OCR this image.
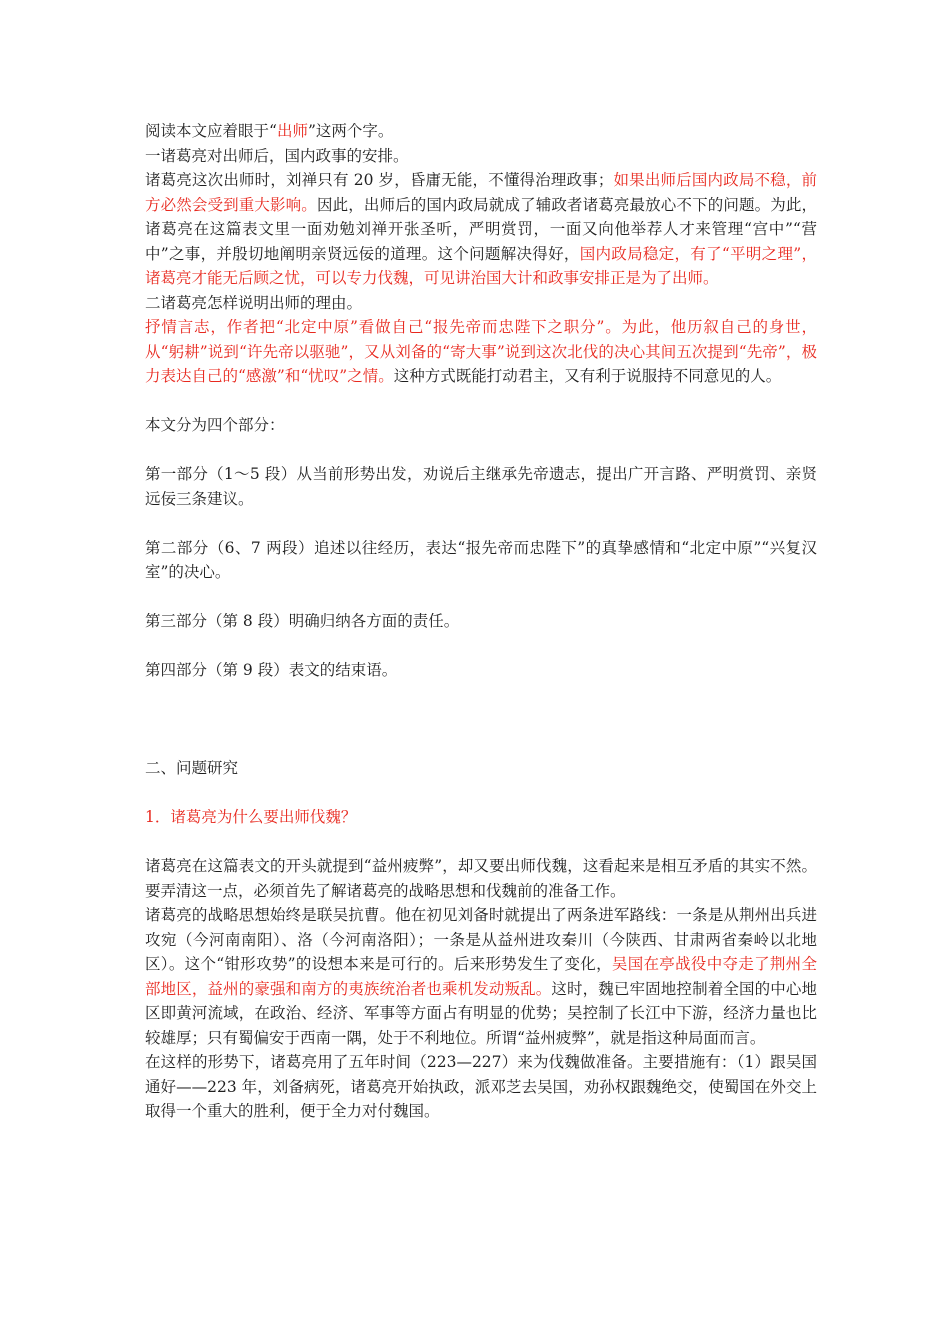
阅读本文应着眼于“出师”这两个字。

一诸葛亮对出师后，国内政事的安排。

诸葛亮这次出师时，刘禅只有 20 岁，昏庸无能，不懂得治理政事；如果出师后国内政局不稳，前方必然会受到重大影响。因此，出师后的国内政局就成了辅政者诸葛亮最放心不下的问题。为此，诸葛亮在这篇表文里一面劝勉刘禅开张圣听，严明赏罚，一面又向他举荐人才来管理“宫中”“营中”之事，并殷切地阐明亲贤远佞的道理。这个问题解决得好，国内政局稳定，有了“平明之理”，诸葛亮才能无后顾之忧，可以专力伐魏，可见讲治国大计和政事安排正是为了出师。

二诸葛亮怎样说明出师的理由。

抒情言志，作者把“北定中原”看做自己“报先帝而忠陛下之职分”。为此，他历叙自己的身世，从“躬耕”说到“许先帝以驱驰”，又从刘备的“寄大事”说到这次北伐的决心其间五次提到“先帝”，极力表达自己的“感激”和“忧叹”之情。这种方式既能打动君主，又有利于说服持不同意见的人。

本文分为四个部分：

第一部分（1～5 段）从当前形势出发，劝说后主继承先帝遗志，提出广开言路、严明赏罚、亲贤远佞三条建议。

第二部分（6、7 两段）追述以往经历，表达“报先帝而忠陛下”的真挚感情和“北定中原”“兴复汉室”的决心。

第三部分（第 8 段）明确归纳各方面的责任。

第四部分（第 9 段）表文的结束语。

二、问题研究

1．诸葛亮为什么要出师伐魏？

诸葛亮在这篇表文的开头就提到“益州疲弊”，却又要出师伐魏，这看起来是相互矛盾的其实不然。要弄清这一点，必须首先了解诸葛亮的战略思想和伐魏前的准备工作。

诸葛亮的战略思想始终是联吴抗曹。他在初见刘备时就提出了两条进军路线：一条是从荆州出兵进攻宛（今河南南阳）、洛（今河南洛阳）；一条是从益州进攻秦川（今陕西、甘肃两省秦岭以北地区）。这个“钳形攻势”的设想本来是可行的。后来形势发生了变化，吴国在亭战役中夺走了荆州全部地区，益州的豪强和南方的夷族统治者也乘机发动叛乱。这时，魏已牢固地控制着全国的中心地区即黄河流域，在政治、经济、军事等方面占有明显的优势；吴控制了长江中下游，经济力量也比较雄厚；只有蜀偏安于西南一隅，处于不利地位。所谓“益州疲弊”，就是指这种局面而言。

在这样的形势下，诸葛亮用了五年时间（223—227）来为伐魏做准备。主要措施有：（1）跟吴国通好——223 年，刘备病死，诸葛亮开始执政，派邓芝去吴国，劝孙权跟魏绝交，使蜀国在外交上取得一个重大的胜利，便于全力对付魏国。
